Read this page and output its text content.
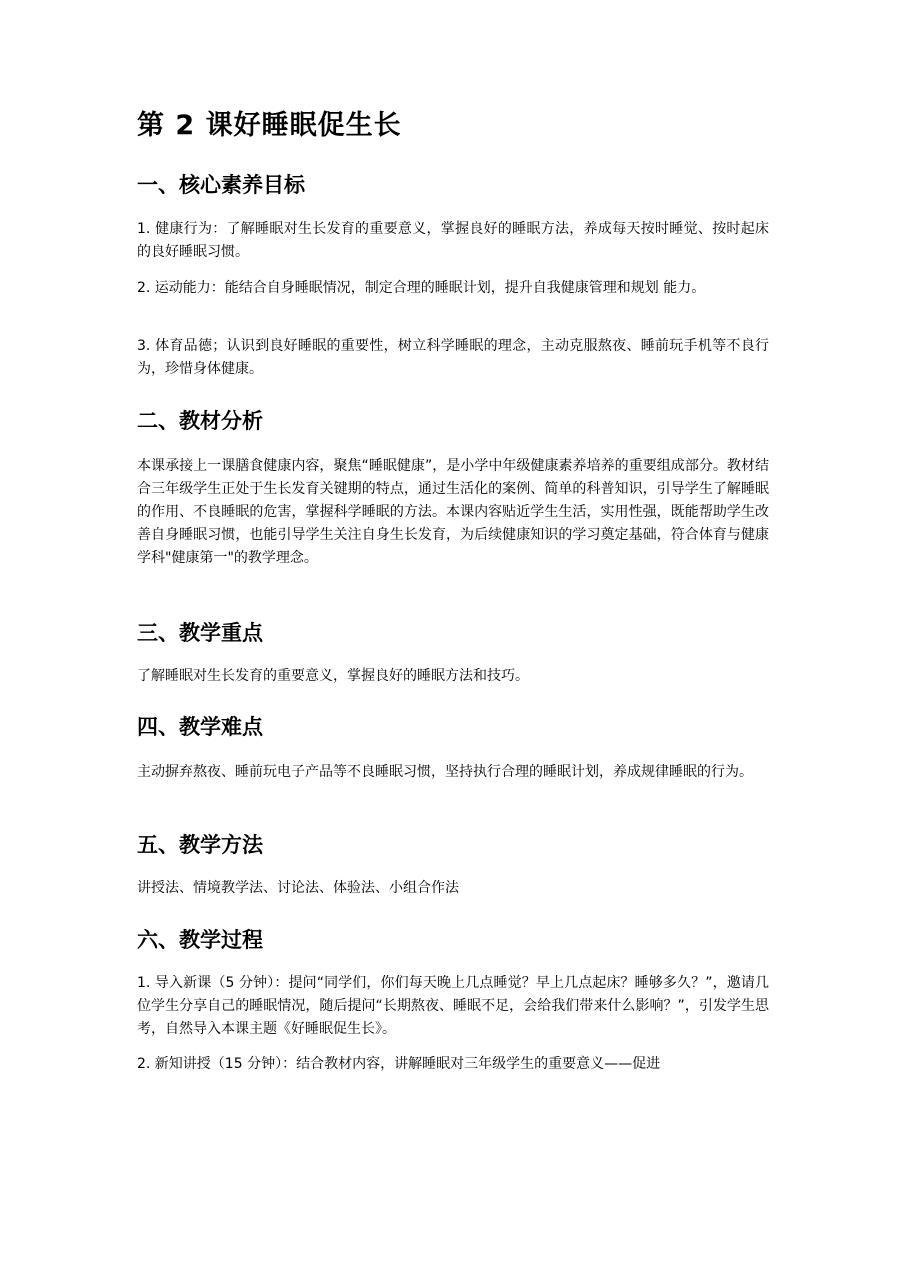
第 2 课好睡眠促生长
一、核心素养目标

1. 健康行为：了解睡眠对生长发育的重要意义，掌握良好的睡眠方法，养成每天按时睡觉、按时起床的良好睡眠习惯。

2. 运动能力：能结合自身睡眠情况，制定合理的睡眠计划，提升自我健康管理和规划 能力。

3. 体育品德；认识到良好睡眠的重要性，树立科学睡眠的理念，主动克服熬夜、睡前玩手机等不良行为，珍惜身体健康。

二、教材分析

本课承接上一课膳食健康内容，聚焦“睡眠健康”，是小学中年级健康素养培养的重要组成部分。教材结合三年级学生正处于生长发育关键期的特点，通过生活化的案例、简单的科普知识，引导学生了解睡眠的作用、不良睡眠的危害，掌握科学睡眠的方法。本课内容贴近学生生活，实用性强，既能帮助学生改善自身睡眠习惯，也能引导学生关注自身生长发育，为后续健康知识的学习奠定基础，符合体育与健康学科"健康第一"的教学理念。

三、教学重点

了解睡眠对生长发育的重要意义，掌握良好的睡眠方法和技巧。

四、教学难点

主动摒弃熬夜、睡前玩电子产品等不良睡眠习惯，坚持执行合理的睡眠计划，养成规律睡眠的行为。

五、教学方法

讲授法、情境教学法、讨论法、体验法、小组合作法

六、教学过程

1. 导入新课（5 分钟）：提问“同学们，你们每天晚上几点睡觉？早上几点起床？睡够多久？”，邀请几位学生分享自己的睡眠情况，随后提问“长期熬夜、睡眠不足，会给我们带来什么影响？”，引发学生思考，自然导入本课主题《好睡眠促生长》。

2. 新知讲授（15 分钟）：结合教材内容，讲解睡眠对三年级学生的重要意义——促进
